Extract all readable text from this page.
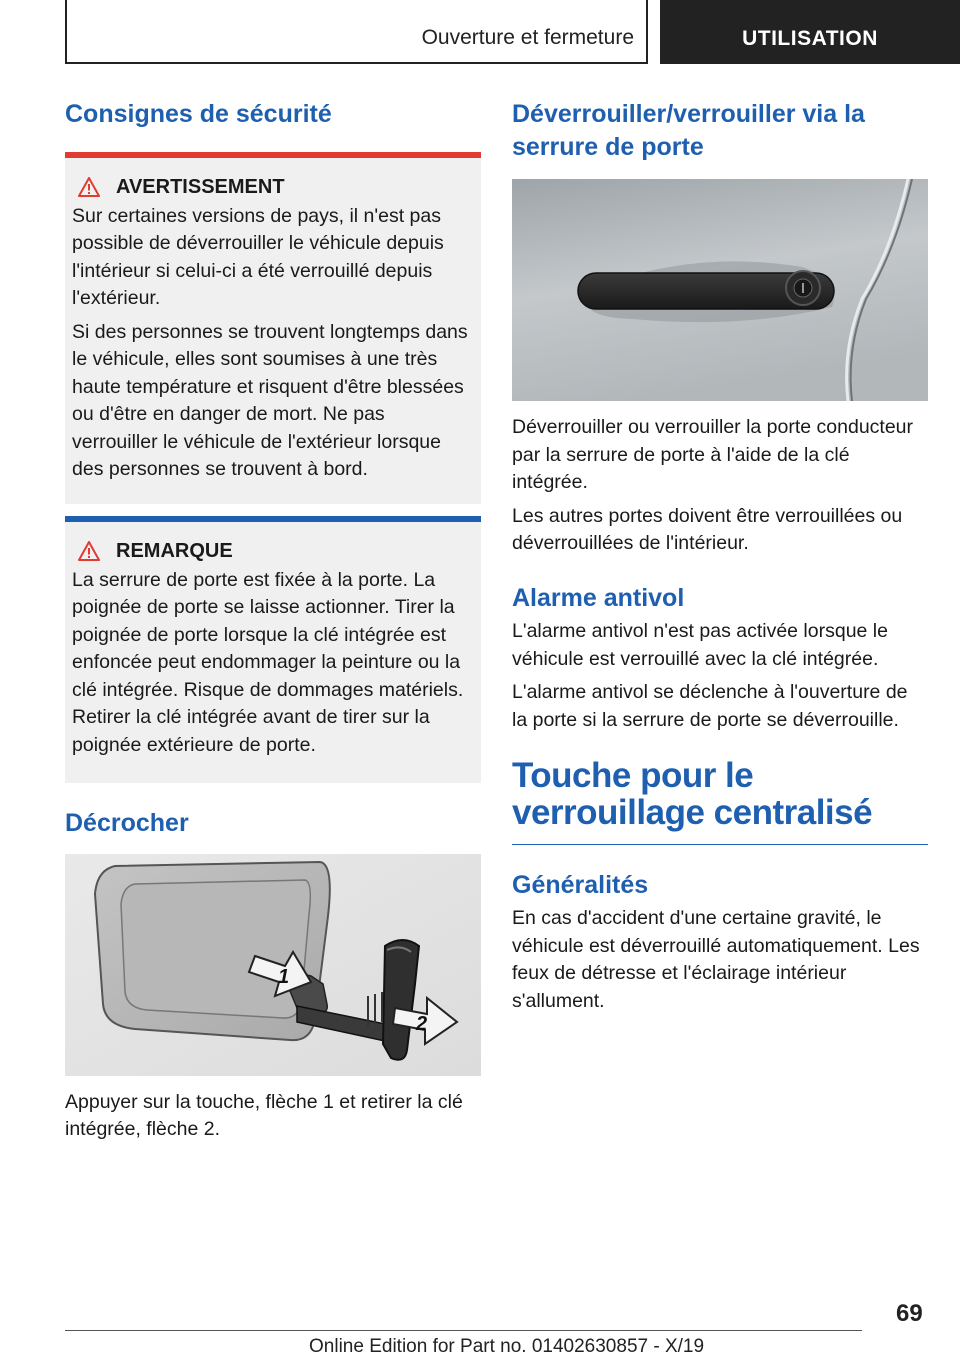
Ouverture et fermeture	UTILISATION
Consignes de sécurité
AVERTISSEMENT

Sur certaines versions de pays, il n'est pas possible de déverrouiller le véhicule depuis l'intérieur si celui-ci a été verrouillé depuis l'extérieur.

Si des personnes se trouvent longtemps dans le véhicule, elles sont soumises à une très haute température et risquent d'être blessées ou d'être en danger de mort. Ne pas verrouiller le véhicule de l'extérieur lorsque des personnes se trouvent à bord.

REMARQUE

La serrure de porte est fixée à la porte. La poignée de porte se laisse actionner. Tirer la poignée de porte lorsque la clé intégrée est enfoncée peut endommager la peinture ou la clé intégrée. Risque de dommages matériels. Retirer la clé intégrée avant de tirer sur la poignée extérieure de porte.

Décrocher
1
2

Appuyer sur la touche, flèche 1 et retirer la clé intégrée, flèche 2.

Déverrouiller/verrouiller via la serrure de porte

Déverrouiller ou verrouiller la porte conducteur par la serrure de porte à l'aide de la clé intégrée.

Les autres portes doivent être verrouillées ou déverrouillées de l'intérieur.

Alarme antivol

L'alarme antivol n'est pas activée lorsque le véhicule est verrouillé avec la clé intégrée.

L'alarme antivol se déclenche à l'ouverture de la porte si la serrure de porte se déverrouille.

Touche pour le verrouillage centralisé
Généralités

En cas d'accident d'une certaine gravité, le véhicule est déverrouillé automatiquement. Les feux de détresse et l'éclairage intérieur s'allument.

69
Online Edition for Part no. 01402630857 - X/19
